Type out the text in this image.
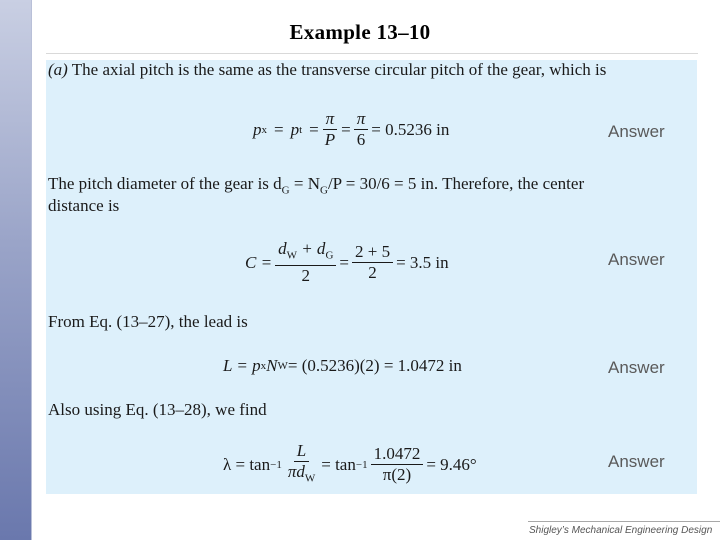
Example 13–10
(a) The axial pitch is the same as the transverse circular pitch of the gear, which is
p x = p $t = \frac{\pi}{P} = \frac{\pi}{6} = 0.5236$ in	Answer
The pitch diameter of the gear is $d_G = N_G/P = 30/6 = 5$ in. Therefore, the center
distance is
$C = \frac{d_W + d_G}{2} = \frac{2 + 5}{2} = 3.5$ in	Answer
From Eq. (13–27), the lead is
L = p x N W = (0.5236)(2) = 1.0472 in	Answer
Also using Eq. (13–28), we find
$\lambda = \tan -1 \frac{L}{\pi d_W} = \tan -1 \frac{1.0472}{\pi(2)} = 9.46^\circ$	Answer
Shigley’s Mechanical Engineering Design
